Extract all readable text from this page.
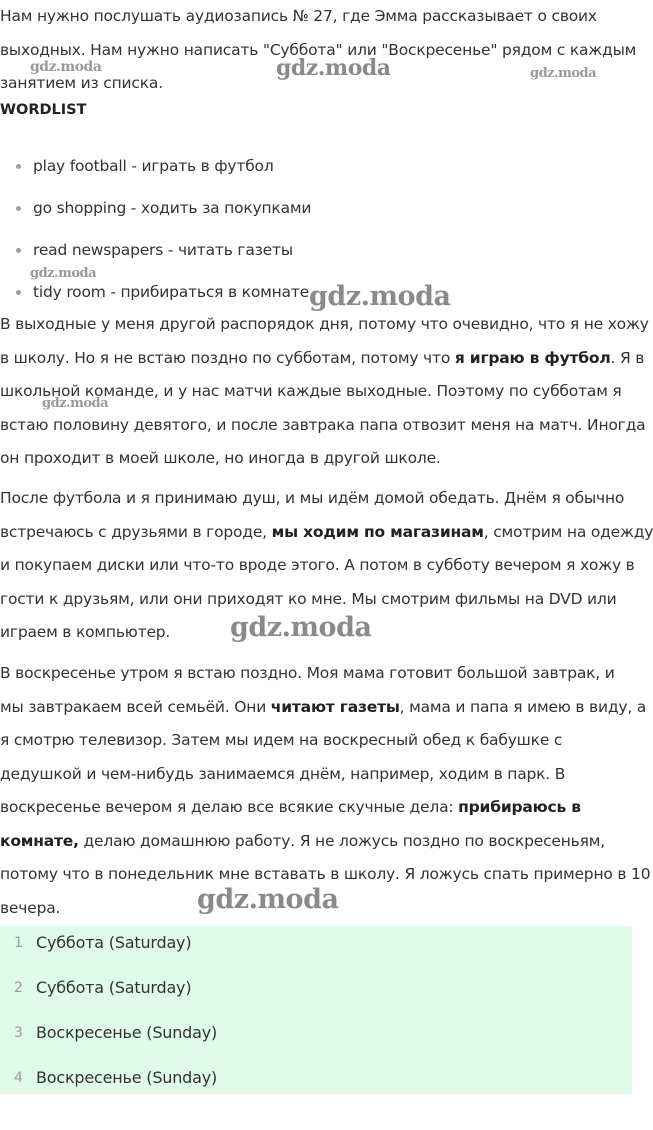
Нам нужно послушать аудиозапись № 27, где Эмма рассказывает о своих
выходных. Нам нужно написать "Суббота" или "Воскресенье" рядом с каждым
занятием из списка.
WORDLIST
play football - играть в футбол
go shopping - ходить за покупками
read newspapers - читать газеты
tidy room - прибираться в комнате
В выходные у меня другой распорядок дня, потому что очевидно, что я не хожу
в школу. Но я не встаю поздно по субботам, потому что я играю в футбол. Я в
школьной команде, и у нас матчи каждые выходные. Поэтому по субботам я
встаю половину девятого, и после завтрака папа отвозит меня на матч. Иногда
он проходит в моей школе, но иногда в другой школе.
После футбола и я принимаю душ, и мы идём домой обедать. Днём я обычно
встречаюсь с друзьями в городе, мы ходим по магазинам, смотрим на одежду
и покупаем диски или что-то вроде этого. А потом в субботу вечером я хожу в
гости к друзьям, или они приходят ко мне. Мы смотрим фильмы на DVD или
играем в компьютер.
В воскресенье утром я встаю поздно. Моя мама готовит большой завтрак, и
мы завтракаем всей семьёй. Они читают газеты, мама и папа я имею в виду, а
я смотрю телевизор. Затем мы идем на воскресный обед к бабушке с
дедушкой и чем-нибудь занимаемся днём, например, ходим в парк. В
воскресенье вечером я делаю все всякие скучные дела: прибираюсь в
комнате, делаю домашнюю работу. Я не ложусь поздно по воскресеньям,
потому что в понедельник мне вставать в школу. Я ложусь спать примерно в 10
вечера.
1 Суббота (Saturday)
2 Суббота (Saturday)
3 Воскресенье (Sunday)
4 Воскресенье (Sunday)
gdz.moda	gdz.moda	gdz.moda
gdz.moda
gdz.moda
gdz.moda
gdz.moda
gdz.moda
